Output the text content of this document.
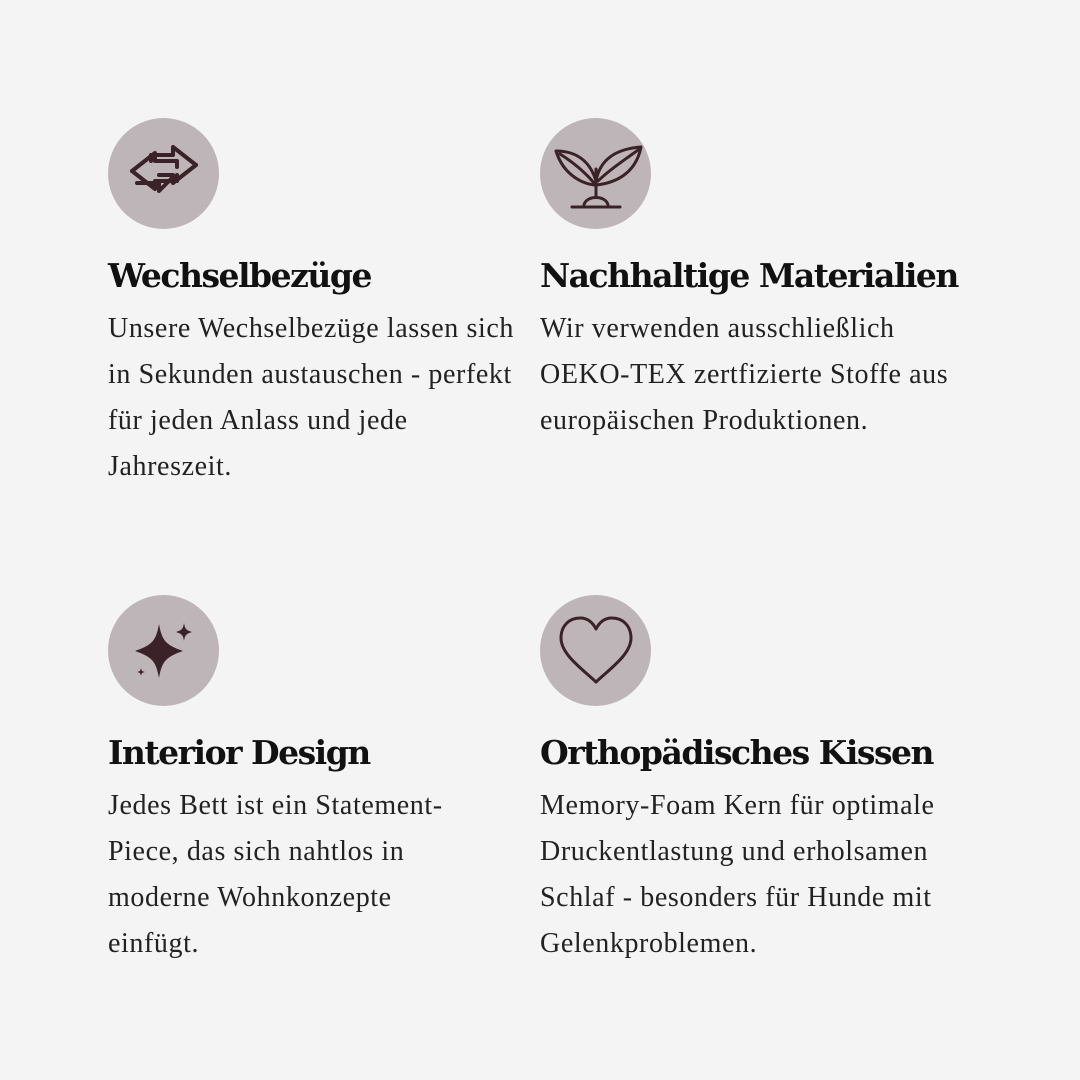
Wechselbezüge

Unsere Wechselbezüge lassen sich in Sekunden austauschen - perfekt für jeden Anlass und jede Jahreszeit.

Nachhaltige Materialien

Wir verwenden ausschließlich OEKO-TEX zertfizierte Stoffe aus europäischen Produktionen.

Interior Design

Jedes Bett ist ein Statement-Piece, das sich nahtlos in moderne Wohnkonzepte einfügt.

Orthopädisches Kissen

Memory-Foam Kern für optimale Druckentlastung und erholsamen Schlaf - besonders für Hunde mit Gelenkproblemen.
